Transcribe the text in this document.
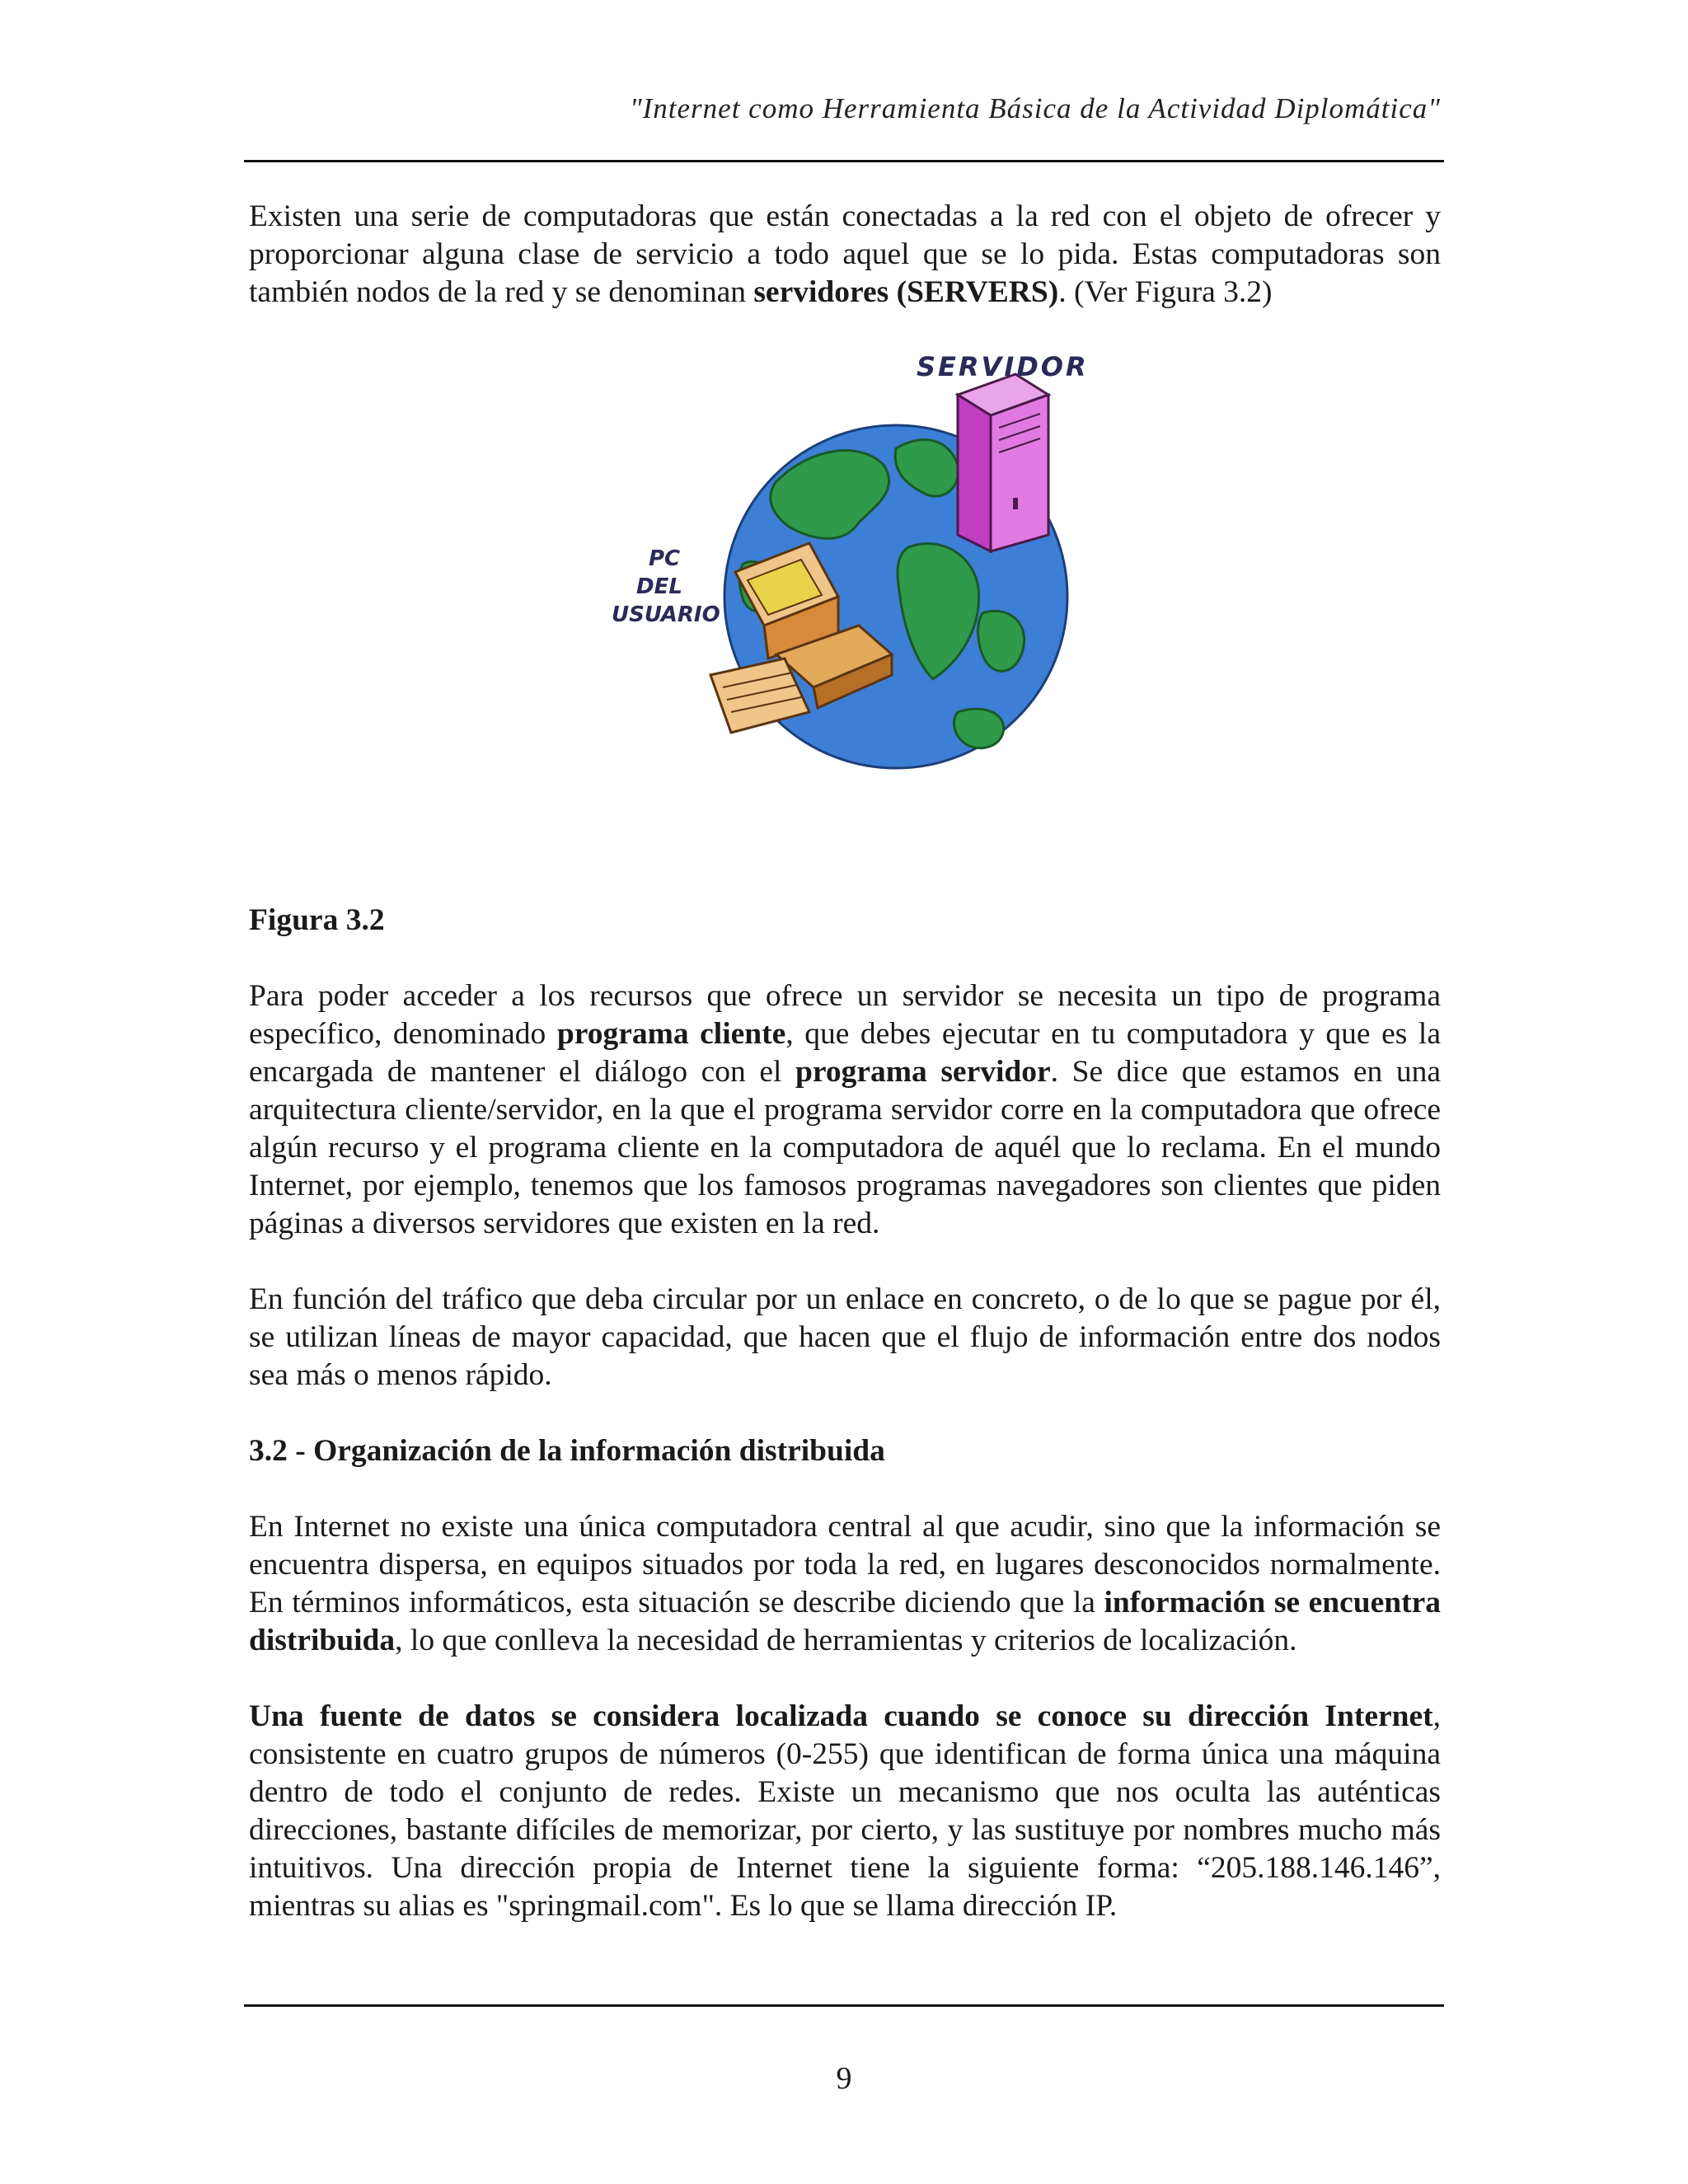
"Internet como Herramienta Básica de la Actividad Diplomática"

Existen una serie de computadoras que están conectadas a la red con el objeto de ofrecer y proporcionar alguna clase de servicio a todo aquel que se lo pida. Estas computadoras son también nodos de la red y se denominan servidores (SERVERS). (Ver Figura 3.2)

SERVIDOR
PC
DEL
USUARIO

Figura 3.2

Para poder acceder a los recursos que ofrece un servidor se necesita un tipo de programa específico, denominado programa cliente, que debes ejecutar en tu computadora y que es la encargada de mantener el diálogo con el programa servidor. Se dice que estamos en una arquitectura cliente/servidor, en la que el programa servidor corre en la computadora que ofrece algún recurso y el programa cliente en la computadora de aquél que lo reclama. En el mundo Internet, por ejemplo, tenemos que los famosos programas navegadores son clientes que piden páginas a diversos servidores que existen en la red.

En función del tráfico que deba circular por un enlace en concreto, o de lo que se pague por él, se utilizan líneas de mayor capacidad, que hacen que el flujo de información entre dos nodos sea más o menos rápido.

3.2 - Organización de la información distribuida

En Internet no existe una única computadora central al que acudir, sino que la información se encuentra dispersa, en equipos situados por toda la red, en lugares desconocidos normalmente. En términos informáticos, esta situación se describe diciendo que la información se encuentra distribuida, lo que conlleva la necesidad de herramientas y criterios de localización.

Una fuente de datos se considera localizada cuando se conoce su dirección Internet, consistente en cuatro grupos de números (0-255) que identifican de forma única una máquina dentro de todo el conjunto de redes. Existe un mecanismo que nos oculta las auténticas direcciones, bastante difíciles de memorizar, por cierto, y las sustituye por nombres mucho más intuitivos. Una dirección propia de Internet tiene la siguiente forma: “205.188.146.146”, mientras su alias es "springmail.com". Es lo que se llama dirección IP.

9
